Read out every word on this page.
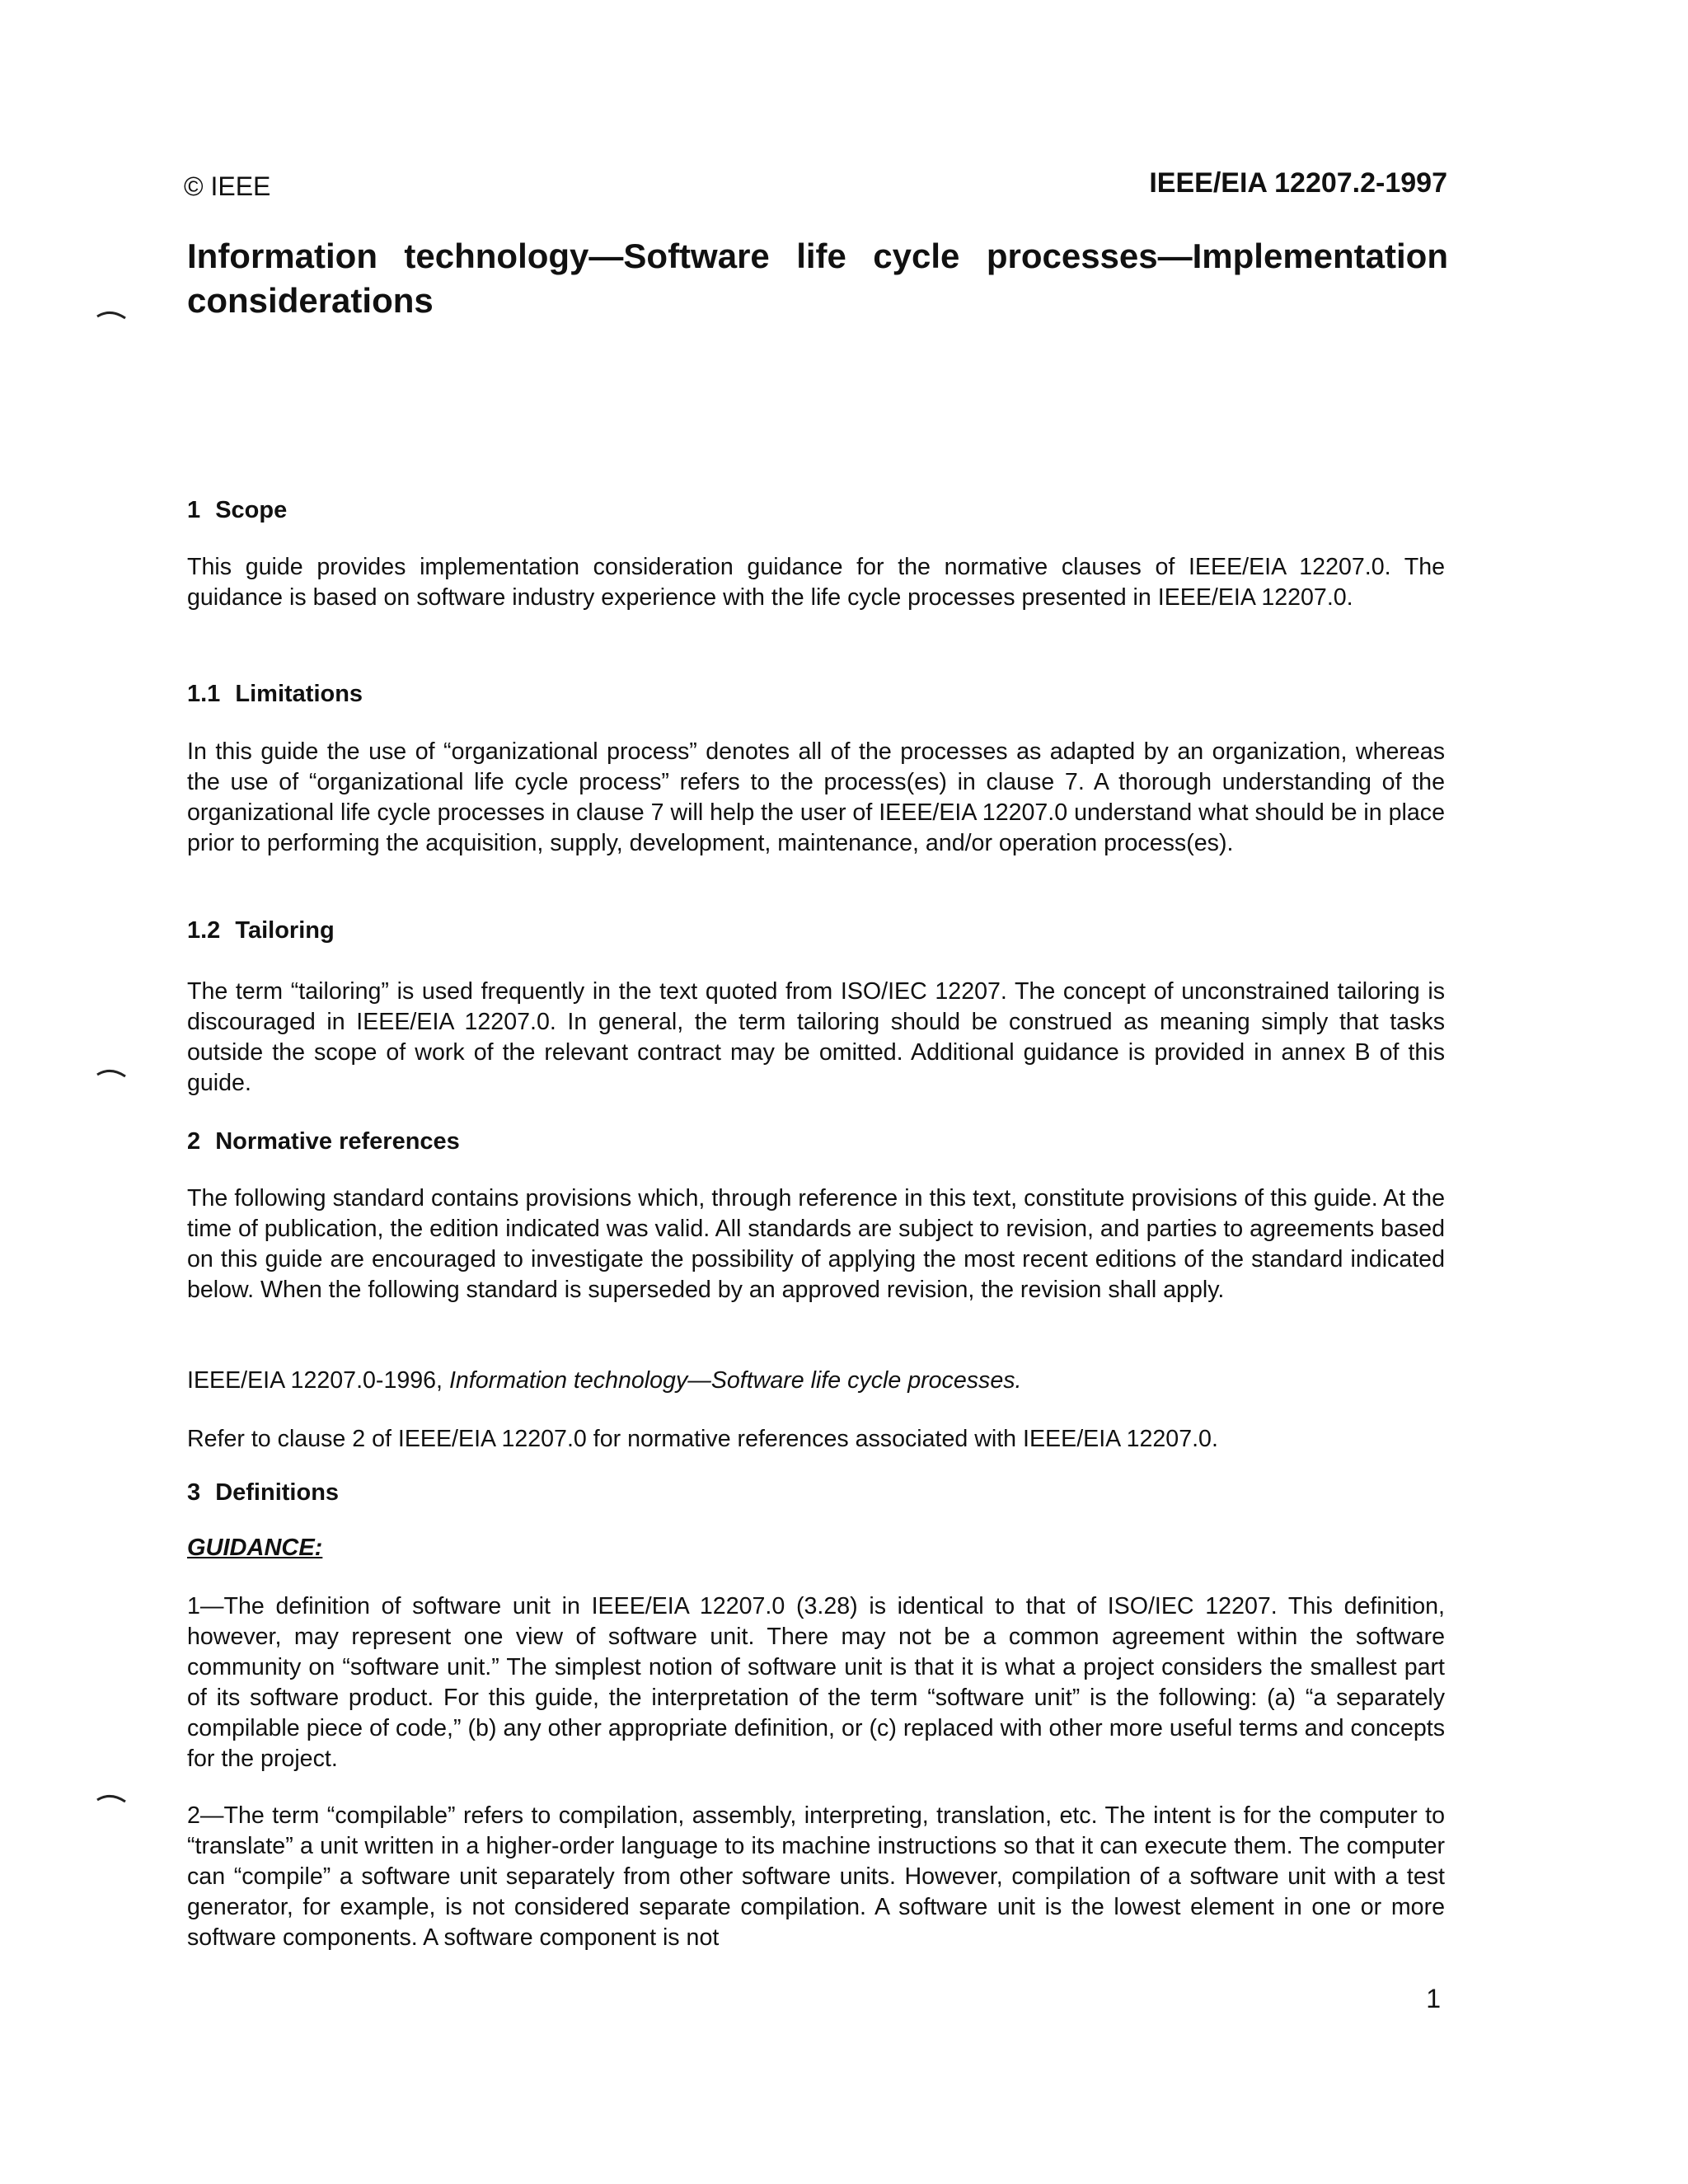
© IEEE	IEEE/EIA 12207.2-1997
Information technology—Software life cycle processes—Implementation considerations
1 Scope
This guide provides implementation consideration guidance for the normative clauses of IEEE/EIA 12207.0. The guidance is based on software industry experience with the life cycle processes presented in IEEE/EIA 12207.0.
1.1 Limitations
In this guide the use of “organizational process” denotes all of the processes as adapted by an organization, whereas the use of “organizational life cycle process” refers to the process(es) in clause 7. A thorough understanding of the organizational life cycle processes in clause 7 will help the user of IEEE/EIA 12207.0 understand what should be in place prior to performing the acquisition, supply, development, maintenance, and/or operation process(es).
1.2 Tailoring
The term “tailoring” is used frequently in the text quoted from ISO/IEC 12207. The concept of unconstrained tailoring is discouraged in IEEE/EIA 12207.0. In general, the term tailoring should be construed as meaning simply that tasks outside the scope of work of the relevant contract may be omitted. Additional guidance is provided in annex B of this guide.
2 Normative references
The following standard contains provisions which, through reference in this text, constitute provisions of this guide. At the time of publication, the edition indicated was valid. All standards are subject to revision, and parties to agreements based on this guide are encouraged to investigate the possibility of applying the most recent editions of the standard indicated below. When the following standard is superseded by an approved revision, the revision shall apply.
IEEE/EIA 12207.0-1996, Information technology—Software life cycle processes.
Refer to clause 2 of IEEE/EIA 12207.0 for normative references associated with IEEE/EIA 12207.0.
3 Definitions
GUIDANCE:
1—The definition of software unit in IEEE/EIA 12207.0 (3.28) is identical to that of ISO/IEC 12207. This definition, however, may represent one view of software unit. There may not be a common agreement within the software community on “software unit.” The simplest notion of software unit is that it is what a project considers the smallest part of its software product. For this guide, the interpretation of the term “software unit” is the following: (a) “a separately compilable piece of code,” (b) any other appropriate definition, or (c) replaced with other more useful terms and concepts for the project.
2—The term “compilable” refers to compilation, assembly, interpreting, translation, etc. The intent is for the computer to “translate” a unit written in a higher-order language to its machine instructions so that it can execute them. The computer can “compile” a software unit separately from other software units. However, compilation of a software unit with a test generator, for example, is not considered separate compilation. A software unit is the lowest element in one or more software components. A software component is not
1
